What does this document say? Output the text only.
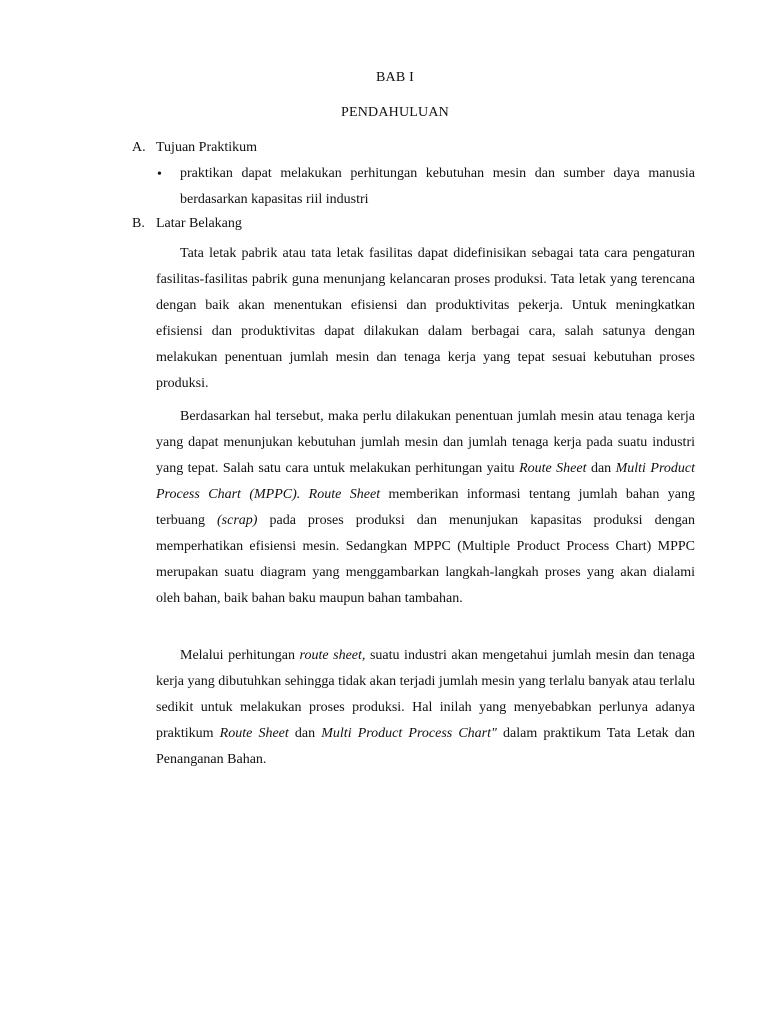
BAB I
PENDAHULUAN
A. Tujuan Praktikum
• praktikan dapat melakukan perhitungan kebutuhan mesin dan sumber daya manusia berdasarkan kapasitas riil industri
B. Latar Belakang
Tata letak pabrik atau tata letak fasilitas dapat didefinisikan sebagai tata cara pengaturan fasilitas-fasilitas pabrik guna menunjang kelancaran proses produksi. Tata letak yang terencana dengan baik akan menentukan efisiensi dan produktivitas pekerja. Untuk meningkatkan efisiensi dan produktivitas dapat dilakukan dalam berbagai cara, salah satunya dengan melakukan penentuan jumlah mesin dan tenaga kerja yang tepat sesuai kebutuhan proses produksi.
Berdasarkan hal tersebut, maka perlu dilakukan penentuan jumlah mesin atau tenaga kerja yang dapat menunjukan kebutuhan jumlah mesin dan jumlah tenaga kerja pada suatu industri yang tepat. Salah satu cara untuk melakukan perhitungan yaitu Route Sheet dan Multi Product Process Chart (MPPC). Route Sheet memberikan informasi tentang jumlah bahan yang terbuang (scrap) pada proses produksi dan menunjukan kapasitas produksi dengan memperhatikan efisiensi mesin. Sedangkan MPPC (Multiple Product Process Chart) MPPC merupakan suatu diagram yang menggambarkan langkah-langkah proses yang akan dialami oleh bahan, baik bahan baku maupun bahan tambahan.
Melalui perhitungan route sheet, suatu industri akan mengetahui jumlah mesin dan tenaga kerja yang dibutuhkan sehingga tidak akan terjadi jumlah mesin yang terlalu banyak atau terlalu sedikit untuk melakukan proses produksi. Hal inilah yang menyebabkan perlunya adanya praktikum Route Sheet dan Multi Product Process Chart" dalam praktikum Tata Letak dan Penanganan Bahan.
